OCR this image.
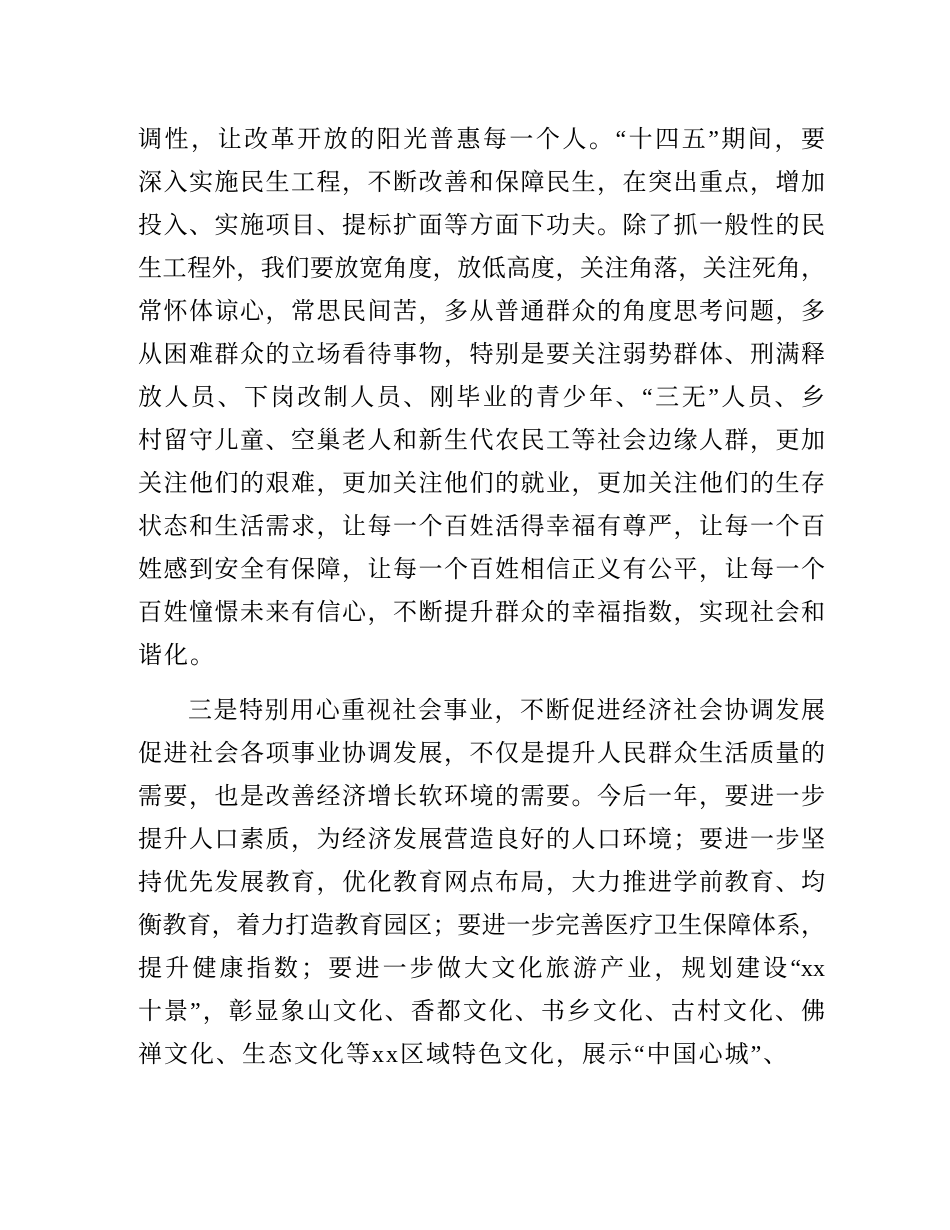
调性，让改革开放的阳光普惠每一个人。“十四五”期间，要
深入实施民生工程，不断改善和保障民生，在突出重点，增加
投入、实施项目、提标扩面等方面下功夫。除了抓一般性的民
生工程外，我们要放宽角度，放低高度，关注角落，关注死角，
常怀体谅心，常思民间苦，多从普通群众的角度思考问题，多
从困难群众的立场看待事物，特别是要关注弱势群体、刑满释
放人员、下岗改制人员、刚毕业的青少年、“三无”人员、乡
村留守儿童、空巢老人和新生代农民工等社会边缘人群，更加
关注他们的艰难，更加关注他们的就业，更加关注他们的生存
状态和生活需求，让每一个百姓活得幸福有尊严，让每一个百
姓感到安全有保障，让每一个百姓相信正义有公平，让每一个
百姓憧憬未来有信心，不断提升群众的幸福指数，实现社会和
谐化。
三是特别用心重视社会事业，不断促进经济社会协调发展
促进社会各项事业协调发展，不仅是提升人民群众生活质量的
需要，也是改善经济增长软环境的需要。今后一年，要进一步
提升人口素质，为经济发展营造良好的人口环境；要进一步坚
持优先发展教育，优化教育网点布局，大力推进学前教育、均
衡教育，着力打造教育园区；要进一步完善医疗卫生保障体系，
提升健康指数；要进一步做大文化旅游产业，规划建设“xx
十景”，彰显象山文化、香都文化、书乡文化、古村文化、佛
禅文化、生态文化等xx区域特色文化，展示“中国心城”、
